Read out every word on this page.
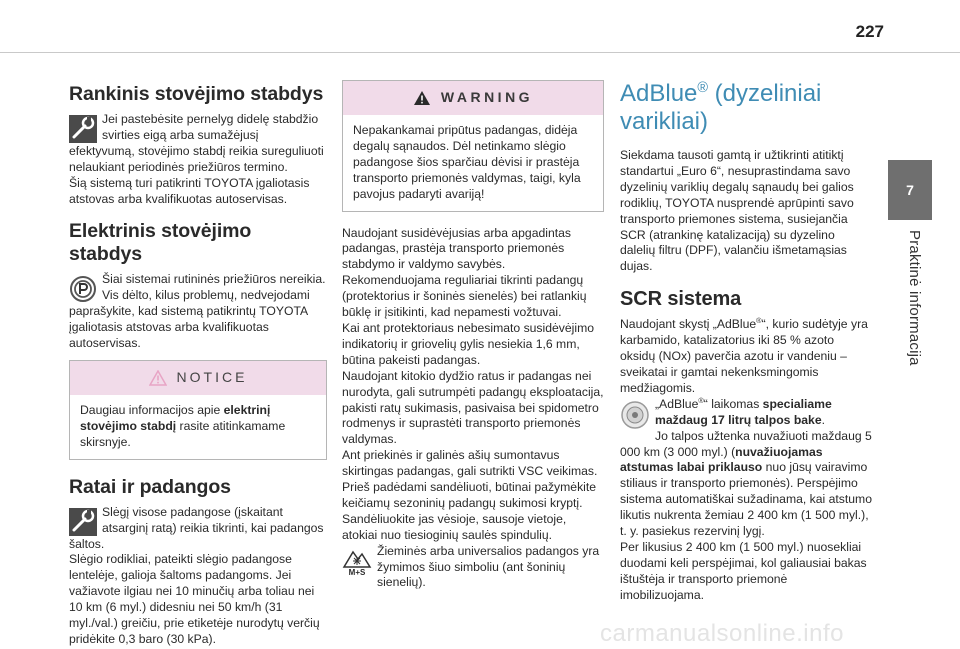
227
7
Praktinė informacija
Rankinis stovėjimo stabdys

Jei pastebėsite pernelyg didelę stabdžio svirties eigą arba sumažėjusį efektyvumą, stovėjimo stabdį reikia sureguliuoti nelaukiant periodinės priežiūros termino.

Šią sistemą turi patikrinti TOYOTA įgaliotasis atstovas arba kvalifikuotas autoservisas.

Elektrinis stovėjimo stabdys

Šiai sistemai rutininės priežiūros nereikia. Vis dėlto, kilus problemų, nedvejodami paprašykite, kad sistemą patikrintų TOYOTA įgaliotasis atstovas arba kvalifikuotas autoservisas.

NOTICE
Daugiau informacijos apie elektrinį stovėjimo stabdį rasite atitinkamame skirsnyje.
Ratai ir padangos

Slėgį visose padangose (įskaitant atsarginį ratą) reikia tikrinti, kai padangos šaltos.

Slėgio rodikliai, pateikti slėgio padangose lentelėje, galioja šaltoms padangoms. Jei važiavote ilgiau nei 10 minučių arba toliau nei 10 km (6 myl.) didesniu nei 50 km/h (31 myl./val.) greičiu, prie etiketėje nurodytų verčių pridėkite 0,3 baro (30 kPa).

WARNING
Nepakankamai pripūtus padangas, didėja degalų sąnaudos. Dėl netinkamo slėgio padangose šios sparčiau dėvisi ir prastėja transporto priemonės valdymas, taigi, kyla pavojus padaryti avariją!

Naudojant susidėvėjusias arba apgadintas padangas, prastėja transporto priemonės stabdymo ir valdymo savybės. Rekomenduojama reguliariai tikrinti padangų (protektorius ir šoninės sienelės) bei ratlankių būklę ir įsitikinti, kad nepamesti vožtuvai.

Kai ant protektoriaus nebesimato susidėvėjimo indikatorių ir griovelių gylis nesiekia 1,6 mm, būtina pakeisti padangas.

Naudojant kitokio dydžio ratus ir padangas nei nurodyta, gali sutrumpėti padangų eksploatacija, pakisti ratų sukimasis, pasivaisa bei spidometro rodmenys ir suprastėti transporto priemonės valdymas.

Ant priekinės ir galinės ašių sumontavus skirtingas padangas, gali sutrikti VSC veikimas.

Prieš padėdami sandėliuoti, būtinai pažymėkite keičiamų sezoninių padangų sukimosi kryptį.

Sandėliuokite jas vėsioje, sausoje vietoje, atokiai nuo tiesioginių saulės spindulių.

M+S

Žieminės arba universalios padangos yra žymimos šiuo simboliu (ant šoninių sienelių).

AdBlue® (dyzeliniai varikliai)

Siekdama tausoti gamtą ir užtikrinti atitiktį standartui „Euro 6“, nesuprastindama savo dyzelinių variklių degalų sąnaudų bei galios rodiklių, TOYOTA nusprendė aprūpinti savo transporto priemones sistema, susiejančia SCR (atrankinę katalizaciją) su dyzelino dalelių filtru (DPF), valančiu išmetamąsias dujas.

SCR sistema

Naudojant skystį „AdBlue®“, kurio sudėtyje yra karbamido, katalizatorius iki 85 % azoto oksidų (NOx) paverčia azotu ir vandeniu – sveikatai ir gamtai nekenksmingomis medžiagomis.

„AdBlue®“ laikomas specialiame maždaug 17 litrų talpos bake.

Jo talpos užtenka nuvažiuoti maždaug 5 000 km (3 000 myl.) (nuvažiuojamas atstumas labai priklauso nuo jūsų vairavimo stiliaus ir transporto priemonės). Perspėjimo sistema automatiškai sužadinama, kai atstumo likutis nukrenta žemiau 2 400 km (1 500 myl.), t. y. pasiekus rezervinį lygį.

Per likusius 2 400 km (1 500 myl.) nuosekliai duodami keli perspėjimai, kol galiausiai bakas ištuštėja ir transporto priemonė imobilizuojama.

carmanualsonline.info
